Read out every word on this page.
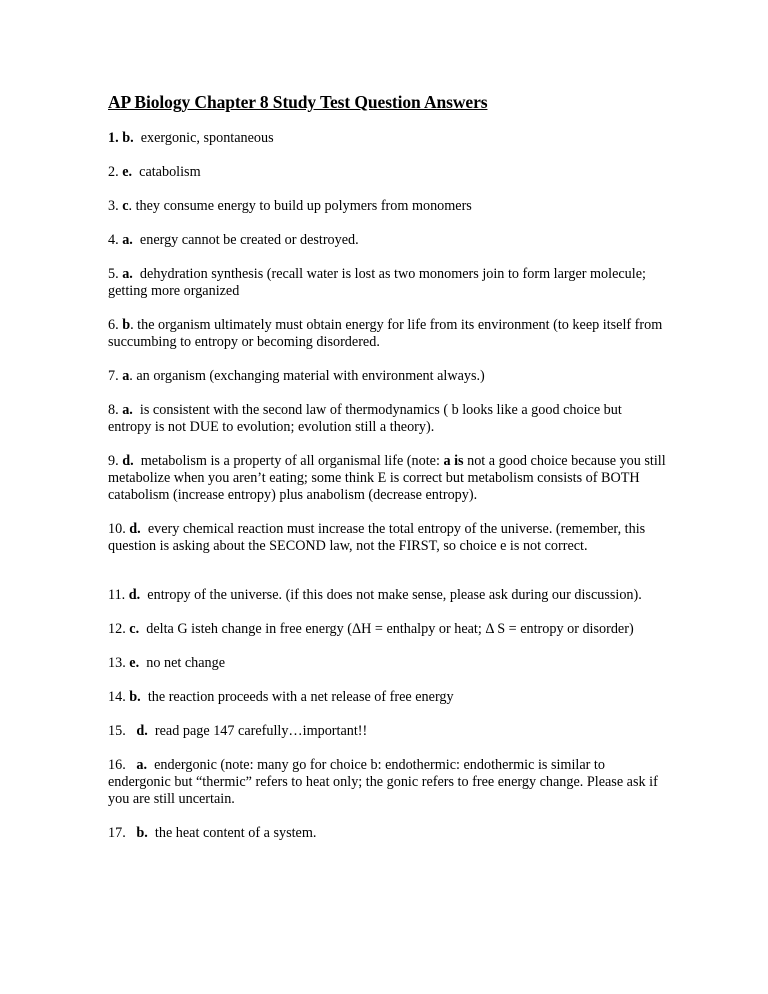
AP Biology Chapter 8 Study Test Question Answers
1. b. exergonic, spontaneous
2. e. catabolism
3. c. they consume energy to build up polymers from monomers
4. a. energy cannot be created or destroyed.
5. a. dehydration synthesis (recall water is lost as two monomers join to form larger molecule; getting more organized
6. b. the organism ultimately must obtain energy for life from its environment (to keep itself from succumbing to entropy or becoming disordered.
7. a. an organism (exchanging material with environment always.)
8. a. is consistent with the second law of thermodynamics ( b looks like a good choice but entropy is not DUE to evolution; evolution still a theory).
9. d. metabolism is a property of all organismal life (note: a is not a good choice because you still metabolize when you aren’t eating; some think E is correct but metabolism consists of BOTH catabolism (increase entropy) plus anabolism (decrease entropy).
10. d. every chemical reaction must increase the total entropy of the universe. (remember, this question is asking about the SECOND law, not the FIRST, so choice e is not correct.
11. d. entropy of the universe. (if this does not make sense, please ask during our discussion).
12. c. delta G isteh change in free energy (ΔH = enthalpy or heat; Δ S = entropy or disorder)
13. e. no net change
14. b. the reaction proceeds with a net release of free energy
15. d. read page 147 carefully…important!!
16. a. endergonic (note: many go for choice b: endothermic: endothermic is similar to endergonic but “thermic” refers to heat only; the gonic refers to free energy change. Please ask if you are still uncertain.
17. b. the heat content of a system.
